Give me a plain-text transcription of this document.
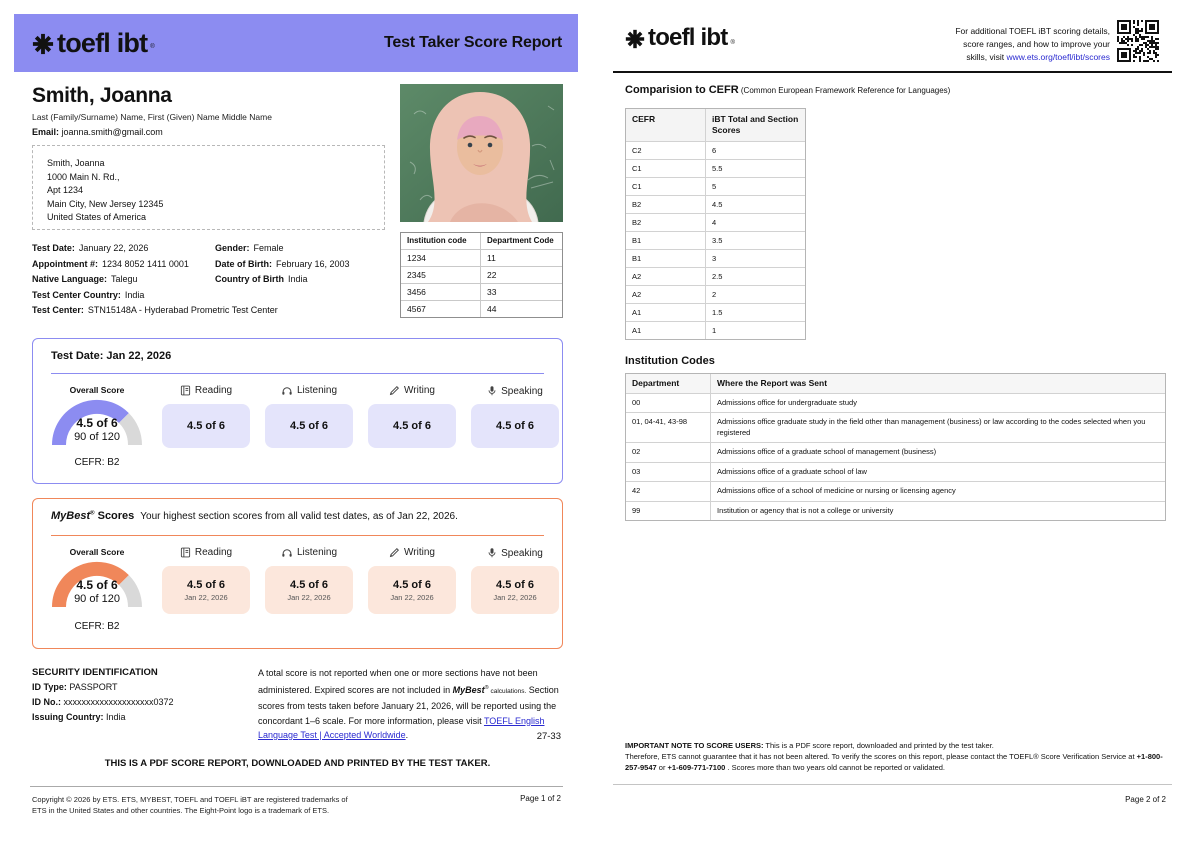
toefl ibt ®	Test Taker Score Report
Smith, Joanna
Last (Family/Surname) Name, First (Given) Name Middle Name
Email: joanna.smith@gmail.com
Smith, Joanna
1000 Main N. Rd.,
Apt 1234
Main City, New Jersey 12345
United States of America
Institution code	Department Code
1234	11
2345	22
3456	33
4567	44
Test Date: January 22, 2026	Gender: Female
Appointment #: 1234 8052 1411 0001	Date of Birth: February 16, 2003
Native Language: Talegu	Country of Birth India
Test Center Country: India
Test Center: STN15148A - Hyderabad Prometric Test Center
Test Date: Jan 22, 2026
Overall Score
4.5 of 6
90 of 120
CEFR: B2
Reading
4.5 of 6
Listening
4.5 of 6
Writing
4.5 of 6
Speaking
4.5 of 6
MyBest® Scores Your highest section scores from all valid test dates, as of Jan 22, 2026.
Overall Score
4.5 of 6
90 of 120
CEFR: B2
Reading
4.5 of 6
Jan 22, 2026
Listening
4.5 of 6
Jan 22, 2026
Writing
4.5 of 6
Jan 22, 2026
Speaking
4.5 of 6
Jan 22, 2026
SECURITY IDENTIFICATION
ID Type: PASSPORT
ID No.: xxxxxxxxxxxxxxxxxxxx0372
Issuing Country: India
A total score is not reported when one or more sections have not been administered. Expired scores are not included in MyBest® calculations. Section scores from tests taken before January 21, 2026, will be reported using the concordant 1–6 scale. For more information, please visit TOEFL English Language Test | Accepted Worldwide.	27-33
THIS IS A PDF SCORE REPORT, DOWNLOADED AND PRINTED BY THE TEST TAKER.
Copyright © 2026 by ETS. ETS, MYBEST, TOEFL and TOEFL iBT are registered trademarks of
ETS in the United States and other countries. The Eight-Point logo is a trademark of ETS.
Page 1 of 2
toefl ibt ®
For additional TOEFL iBT scoring details,
score ranges, and how to improve your
skills, visit www.ets.org/toefl/ibt/scores
Comparision to CEFR (Common European Framework Reference for Languages)
CEFR	iBT Total and Section Scores
C2	6
C1	5.5
C1	5
B2	4.5
B2	4
B1	3.5
B1	3
A2	2.5
A2	2
A1	1.5
A1	1
Institution Codes
Department	Where the Report was Sent
00	Admissions office for undergraduate study
01, 04-41, 43-98	Admissions office graduate study in the field other than management (business) or law according to the codes selected when you registered
02	Admissions office of a graduate school of management (business)
03	Admissions office of a graduate school of law
42	Admissions office of a school of medicine or nursing or licensing agency
99	Institution or agency that is not a college or university
IMPORTANT NOTE TO SCORE USERS: This is a PDF score report, downloaded and printed by the test taker.
Therefore, ETS cannot guarantee that it has not been altered. To verify the scores on this report, please contact the TOEFL® Score Verification Service at +1-800-257-9547 or +1-609-771-7100 . Scores more than two years old cannot be reported or validated.
Page 2 of 2
